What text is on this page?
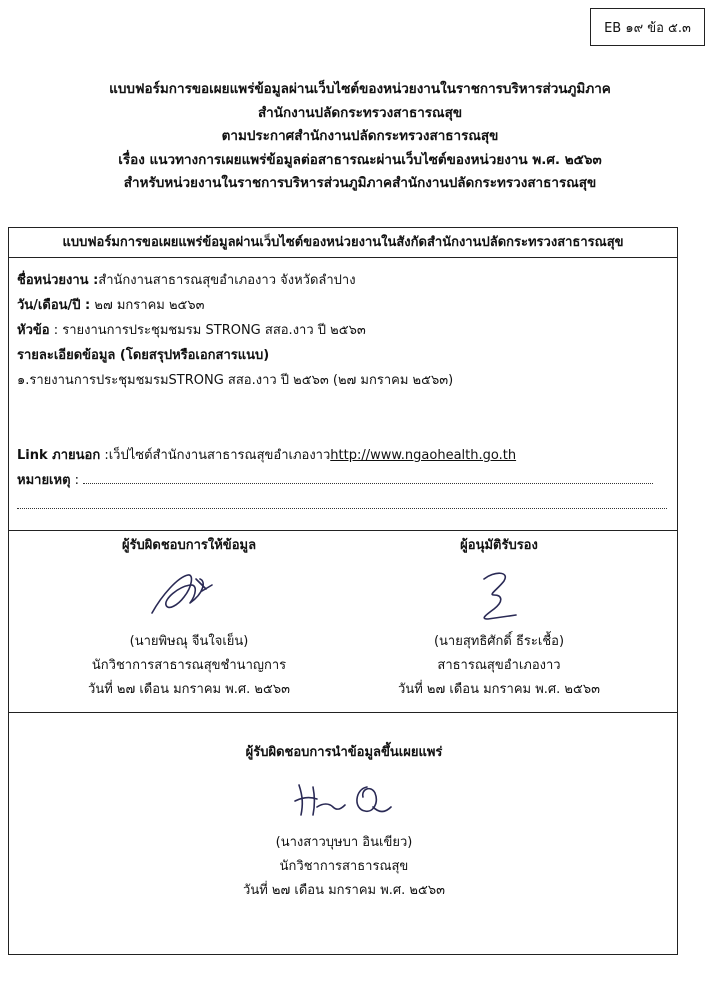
EB ๑๙ ข้อ ๕.๓
แบบฟอร์มการขอเผยแพร่ข้อมูลผ่านเว็บไซต์ของหน่วยงานในราชการบริหารส่วนภูมิภาค
สำนักงานปลัดกระทรวงสาธารณสุข
ตามประกาศสำนักงานปลัดกระทรวงสาธารณสุข
เรื่อง แนวทางการเผยแพร่ข้อมูลต่อสาธารณะผ่านเว็บไซต์ของหน่วยงาน พ.ศ. ๒๕๖๓
สำหรับหน่วยงานในราชการบริหารส่วนภูมิภาคสำนักงานปลัดกระทรวงสาธารณสุข
แบบฟอร์มการขอเผยแพร่ข้อมูลผ่านเว็บไซต์ของหน่วยงานในสังกัดสำนักงานปลัดกระทรวงสาธารณสุข
ชื่อหน่วยงาน :สำนักงานสาธารณสุขอำเภองาว จังหวัดลำปาง
วัน/เดือน/ปี : ๒๗ มกราคม ๒๕๖๓
หัวข้อ : รายงานการประชุมชมรม STRONG สสอ.งาว ปี ๒๕๖๓
รายละเอียดข้อมูล (โดยสรุปหรือเอกสารแนบ)
๑.รายงานการประชุมชมรมSTRONG สสอ.งาว ปี ๒๕๖๓ (๒๗ มกราคม ๒๕๖๓)
Link ภายนอก :เว็ปไซต์สำนักงานสาธารณสุขอำเภองาวhttp://www.ngaohealth.go.th
หมายเหตุ :
ผู้รับผิดชอบการให้ข้อมูล
(นายพิษณุ จีนใจเย็น)
นักวิชาการสาธารณสุขชำนาญการ
วันที่ ๒๗ เดือน มกราคม พ.ศ. ๒๕๖๓
ผู้อนุมัติรับรอง
(นายสุทธิศักดิ์ ธีระเชื้อ)
สาธารณสุขอำเภองาว
วันที่ ๒๗ เดือน มกราคม พ.ศ. ๒๕๖๓
ผู้รับผิดชอบการนำข้อมูลขึ้นเผยแพร่
(นางสาวบุษบา อินเขียว)
นักวิชาการสาธารณสุข
วันที่ ๒๗ เดือน มกราคม พ.ศ. ๒๕๖๓
